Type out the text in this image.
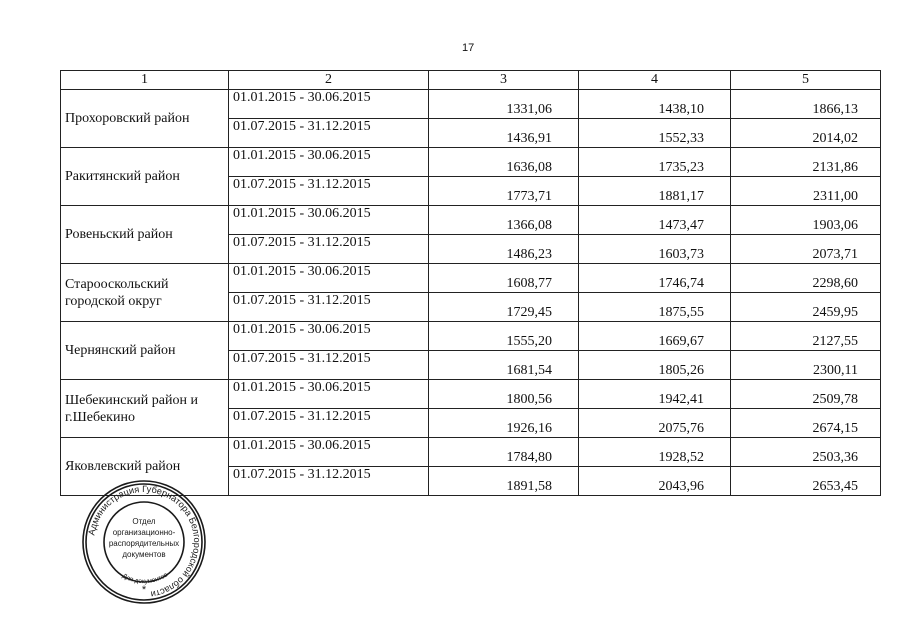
17
1	2	3	4	5
Прохоровский район	01.01.2015 - 30.06.2015	1331,06	1438,10	1866,13
	01.07.2015 - 31.12.2015	1436,91	1552,33	2014,02
Ракитянский район	01.01.2015 - 30.06.2015	1636,08	1735,23	2131,86
	01.07.2015 - 31.12.2015	1773,71	1881,17	2311,00
Ровеньский район	01.01.2015 - 30.06.2015	1366,08	1473,47	1903,06
	01.07.2015 - 31.12.2015	1486,23	1603,73	2073,71
Старооскольский городской округ	01.01.2015 - 30.06.2015	1608,77	1746,74	2298,60
	01.07.2015 - 31.12.2015	1729,45	1875,55	2459,95
Чернянский район	01.01.2015 - 30.06.2015	1555,20	1669,67	2127,55
	01.07.2015 - 31.12.2015	1681,54	1805,26	2300,11
Шебекинский район и г.Шебекино	01.01.2015 - 30.06.2015	1800,56	1942,41	2509,78
	01.07.2015 - 31.12.2015	1926,16	2075,76	2674,15
Яковлевский район	01.01.2015 - 30.06.2015	1784,80	1928,52	2503,36
	01.07.2015 - 31.12.2015	1891,58	2043,96	2653,45
Администрация Губернатора Белгородской области
Для документов
Отдел
организационно-
распорядительных
документов
*
